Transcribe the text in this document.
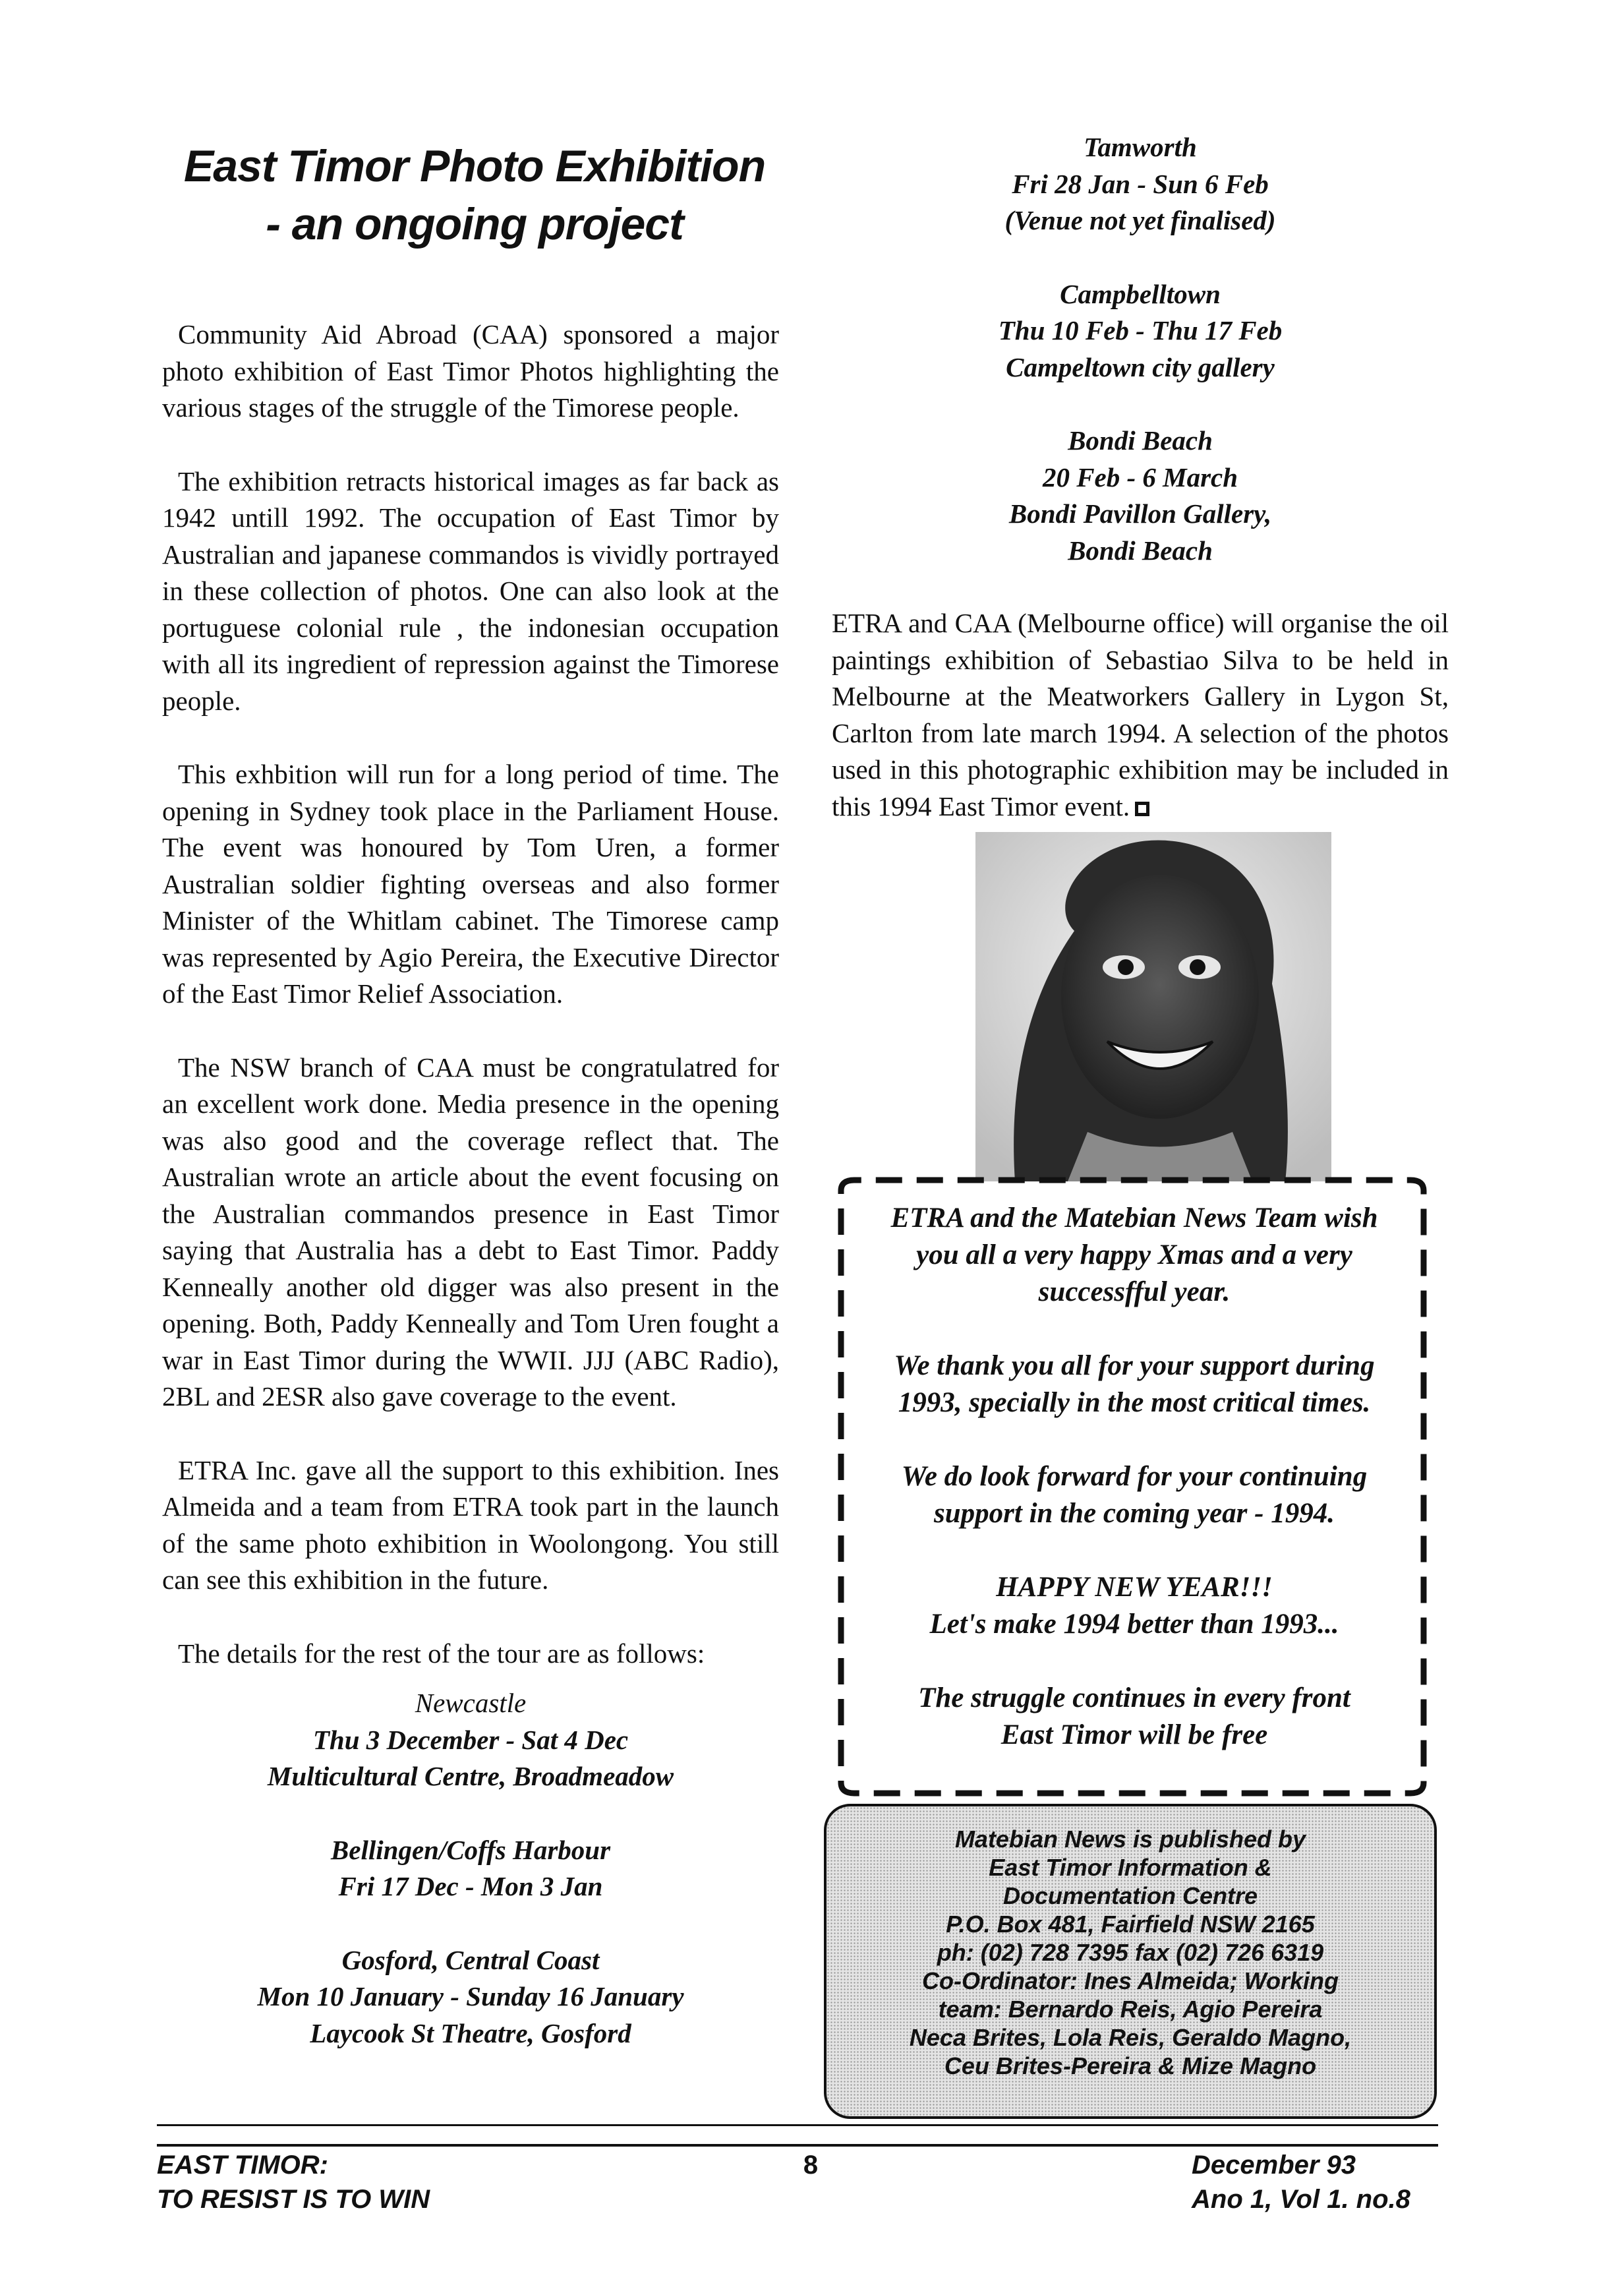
East Timor Photo Exhibition
- an ongoing project

Community Aid Abroad (CAA) sponsored a major photo exhibition of East Timor Photos highlighting the various stages of the struggle of the Timorese people.

The exhibition retracts historical images as far back as 1942 untill 1992. The occupation of East Timor by Australian and japanese commandos is vividly portrayed in these collection of photos. One can also look at the portuguese colonial rule , the indonesian occupation with all its ingredient of repression against the Timorese people.

This exhbition will run for a long period of time. The opening in Sydney took place in the Parliament House. The event was honoured by Tom Uren, a former Australian soldier fighting overseas and also former Minister of the Whitlam cabinet. The Timorese camp was represented by Agio Pereira, the Executive Director of the East Timor Relief Association.

The NSW branch of CAA must be congratulatred for an excellent work done. Media presence in the opening was also good and the coverage reflect that. The Australian wrote an article about the event focusing on the Australian commandos presence in East Timor saying that Australia has a debt to East Timor. Paddy Kenneally another old digger was also present in the opening. Both, Paddy Kenneally and Tom Uren fought a war in East Timor during the WWII. JJJ (ABC Radio), 2BL and 2ESR also gave coverage to the event.

ETRA Inc. gave all the support to this exhibition. Ines Almeida and a team from ETRA took part in the launch of the same photo exhibition in Woolongong. You still can see this exhibition in the future.

The details for the rest of the tour are as follows:

Newcastle
Thu 3 December - Sat 4 Dec
Multicultural Centre, Broadmeadow
Bellingen/Coffs Harbour
Fri 17 Dec - Mon 3 Jan
Gosford, Central Coast
Mon 10 January - Sunday 16 January
Laycook St Theatre, Gosford
Tamworth
Fri 28 Jan - Sun 6 Feb
(Venue not yet finalised)
Campbelltown
Thu 10 Feb - Thu 17 Feb
Campeltown city gallery
Bondi Beach
20 Feb - 6 March
Bondi Pavillon Gallery,
Bondi Beach
ETRA and CAA (Melbourne office) will organise the oil paintings exhibition of Sebastiao Silva to be held in Melbourne at the Meatworkers Gallery in Lygon St, Carlton from late march 1994. A selection of the photos used in this photographic exhibition may be included in this 1994 East Timor event.
ETRA and the Matebian News Team wish
you all a very happy Xmas and a very
successfful year.
We thank you all for your support during
1993, specially in the most critical times.
We do look forward for your continuing
support in the coming year - 1994.
HAPPY NEW YEAR!!!
Let's make 1994 better than 1993...
The struggle continues in every front
East Timor will be free
Matebian News is published by
East Timor Information &
Documentation Centre
P.O. Box 481, Fairfield NSW 2165
ph: (02) 728 7395 fax (02) 726 6319
Co-Ordinator: Ines Almeida; Working
team: Bernardo Reis, Agio Pereira
Neca Brites, Lola Reis, Geraldo Magno,
Ceu Brites-Pereira & Mize Magno
EAST TIMOR:
TO RESIST IS TO WIN
8	December 93
Ano 1, Vol 1. no.8
